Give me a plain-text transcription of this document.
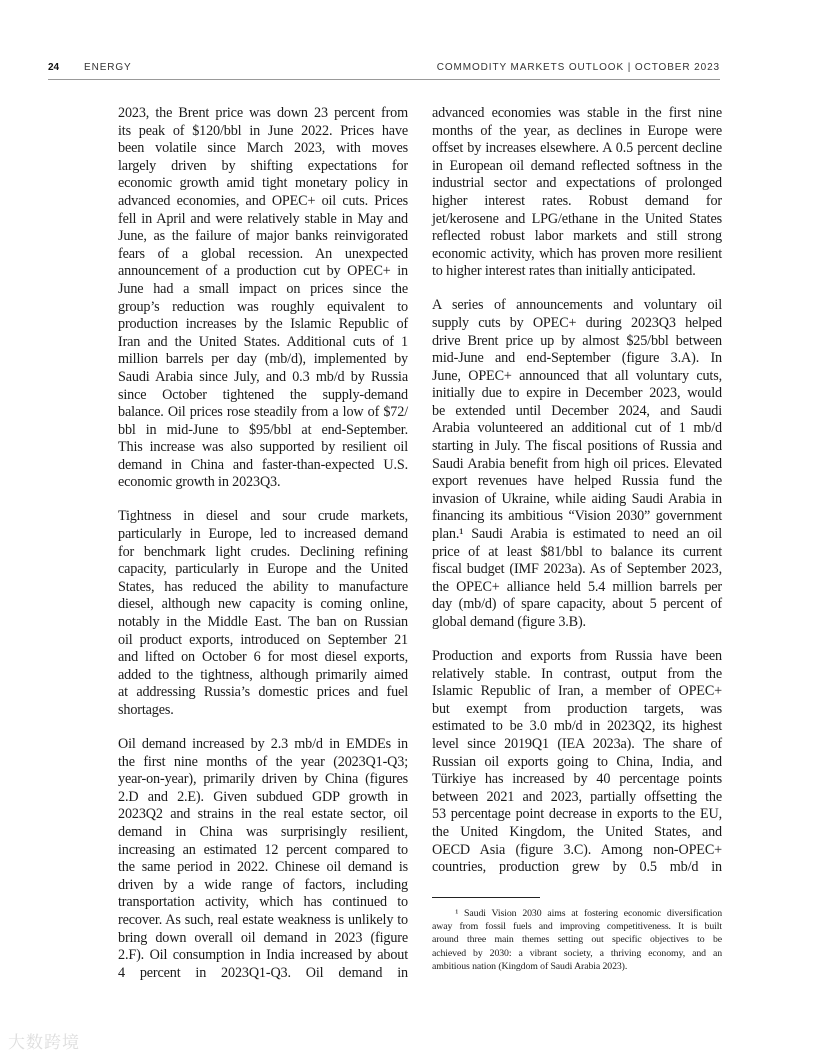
24 ENERGY	COMMODITY MARKETS OUTLOOK | OCTOBER 2023
2023, the Brent price was down 23 percent from
its peak of $120/bbl in June 2022. Prices have
been volatile since March 2023, with moves
largely driven by shifting expectations for
economic growth amid tight monetary policy in
advanced economies, and OPEC+ oil cuts. Prices
fell in April and were relatively stable in May and
June, as the failure of major banks reinvigorated
fears of a global recession. An unexpected
announcement of a production cut by OPEC+ in
June had a small impact on prices since the
group’s reduction was roughly equivalent to
production increases by the Islamic Republic of
Iran and the United States. Additional cuts of 1
million barrels per day (mb/d), implemented by
Saudi Arabia since July, and 0.3 mb/d by Russia
since October tightened the supply-demand
balance. Oil prices rose steadily from a low of $72/
bbl in mid-June to $95/bbl at end-September.
This increase was also supported by resilient oil
demand in China and faster-than-expected U.S.
economic growth in 2023Q3.
Tightness in diesel and sour crude markets,
particularly in Europe, led to increased demand
for benchmark light crudes. Declining refining
capacity, particularly in Europe and the United
States, has reduced the ability to manufacture
diesel, although new capacity is coming online,
notably in the Middle East. The ban on Russian
oil product exports, introduced on September 21
and lifted on October 6 for most diesel exports,
added to the tightness, although primarily aimed
at addressing Russia’s domestic prices and fuel
shortages.
Oil demand increased by 2.3 mb/d in EMDEs in
the first nine months of the year (2023Q1-Q3;
year-on-year), primarily driven by China (figures
2.D and 2.E). Given subdued GDP growth in
2023Q2 and strains in the real estate sector, oil
demand in China was surprisingly resilient,
increasing an estimated 12 percent compared to
the same period in 2022. Chinese oil demand is
driven by a wide range of factors, including
transportation activity, which has continued to
recover. As such, real estate weakness is unlikely to
bring down overall oil demand in 2023 (figure
2.F). Oil consumption in India increased by about
4 percent in 2023Q1-Q3. Oil demand in
advanced economies was stable in the first nine
months of the year, as declines in Europe were
offset by increases elsewhere. A 0.5 percent decline
in European oil demand reflected softness in the
industrial sector and expectations of prolonged
higher interest rates. Robust demand for
jet/kerosene and LPG/ethane in the United States
reflected robust labor markets and still strong
economic activity, which has proven more resilient
to higher interest rates than initially anticipated.
A series of announcements and voluntary oil
supply cuts by OPEC+ during 2023Q3 helped
drive Brent price up by almost $25/bbl between
mid-June and end-September (figure 3.A). In
June, OPEC+ announced that all voluntary cuts,
initially due to expire in December 2023, would
be extended until December 2024, and Saudi
Arabia volunteered an additional cut of 1 mb/d
starting in July. The fiscal positions of Russia and
Saudi Arabia benefit from high oil prices. Elevated
export revenues have helped Russia fund the
invasion of Ukraine, while aiding Saudi Arabia in
financing its ambitious “Vision 2030” government
plan.¹ Saudi Arabia is estimated to need an oil
price of at least $81/bbl to balance its current
fiscal budget (IMF 2023a). As of September 2023,
the OPEC+ alliance held 5.4 million barrels per
day (mb/d) of spare capacity, about 5 percent of
global demand (figure 3.B).
Production and exports from Russia have been
relatively stable. In contrast, output from the
Islamic Republic of Iran, a member of OPEC+
but exempt from production targets, was
estimated to be 3.0 mb/d in 2023Q2, its highest
level since 2019Q1 (IEA 2023a). The share of
Russian oil exports going to China, India, and
Türkiye has increased by 40 percentage points
between 2021 and 2023, partially offsetting the
53 percentage point decrease in exports to the EU,
the United Kingdom, the United States, and
OECD Asia (figure 3.C). Among non-OPEC+
countries, production grew by 0.5 mb/d in
¹ Saudi Vision 2030 aims at fostering economic diversification
away from fossil fuels and improving competitiveness. It is built
around three main themes setting out specific objectives to be
achieved by 2030: a vibrant society, a thriving economy, and an
ambitious nation (Kingdom of Saudi Arabia 2023).
大数跨境
